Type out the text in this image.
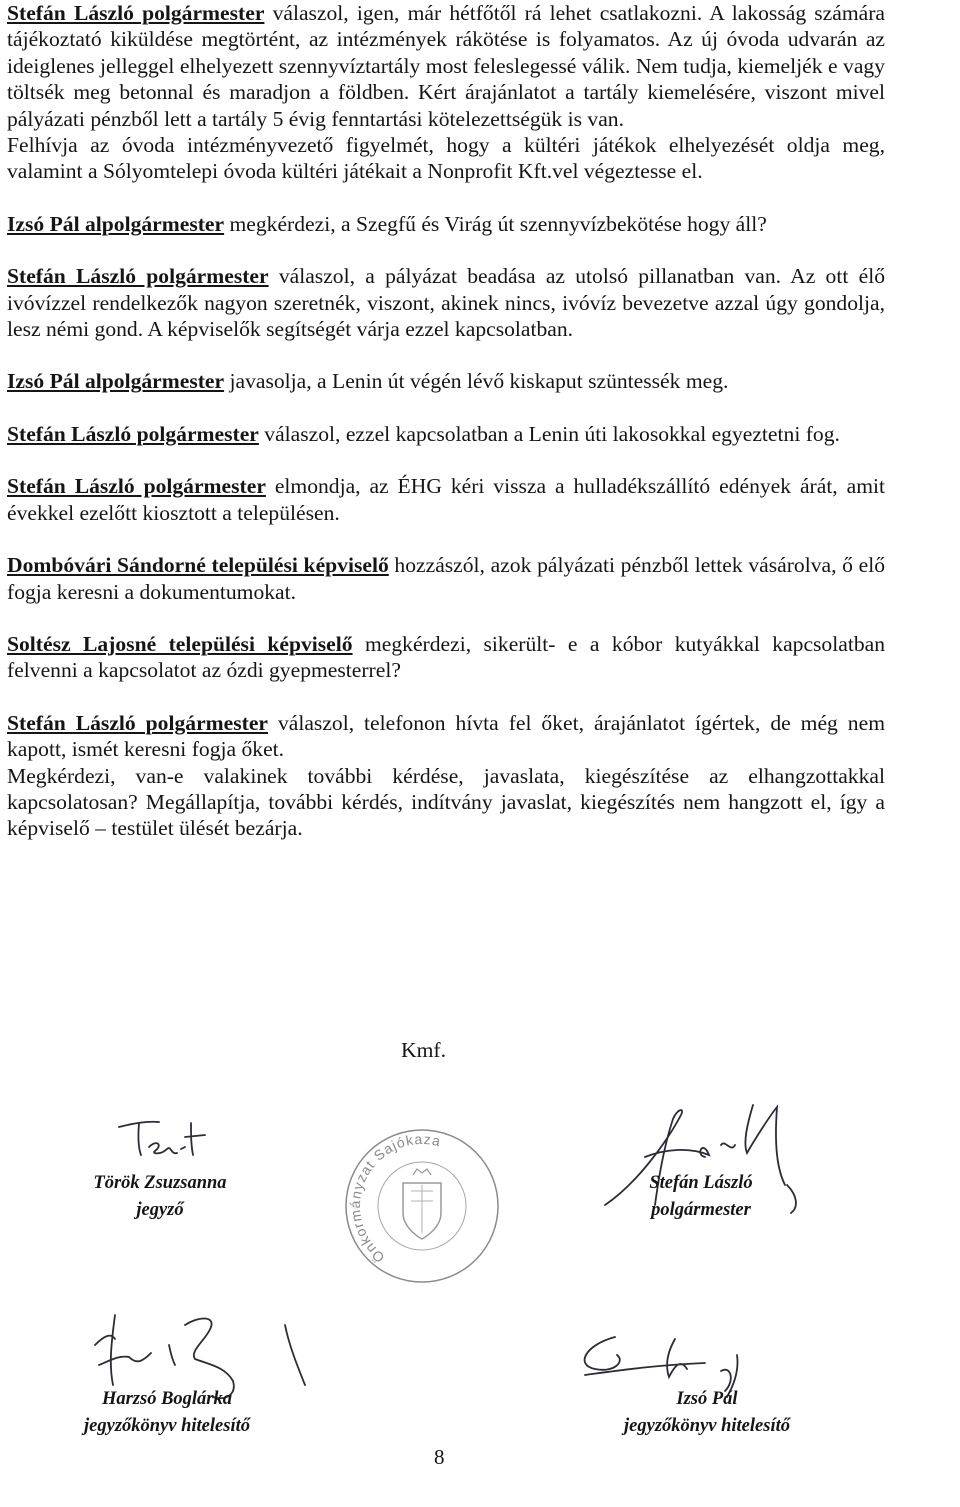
Stefán László polgármester válaszol, igen, már hétfőtől rá lehet csatlakozni. A lakosság számára tájékoztató kiküldése megtörtént, az intézmények rákötése is folyamatos. Az új óvoda udvarán az ideiglenes jelleggel elhelyezett szennyvíztartály most feleslegessé válik. Nem tudja, kiemeljék e vagy töltsék meg betonnal és maradjon a földben. Kért árajánlatot a tartály kiemelésére, viszont mivel pályázati pénzből lett a tartály 5 évig fenntartási kötelezettségük is van.

Felhívja az óvoda intézményvezető figyelmét, hogy a kültéri játékok elhelyezését oldja meg, valamint a Sólyomtelepi óvoda kültéri játékait a Nonprofit Kft.vel végeztesse el.

Izsó Pál alpolgármester megkérdezi, a Szegfű és Virág út szennyvízbekötése hogy áll?

Stefán László polgármester válaszol, a pályázat beadása az utolsó pillanatban van. Az ott élő ivóvízzel rendelkezők nagyon szeretnék, viszont, akinek nincs, ivóvíz bevezetve azzal úgy gondolja, lesz némi gond. A képviselők segítségét várja ezzel kapcsolatban.

Izsó Pál alpolgármester javasolja, a Lenin út végén lévő kiskaput szüntessék meg.

Stefán László polgármester válaszol, ezzel kapcsolatban a Lenin úti lakosokkal egyeztetni fog.

Stefán László polgármester elmondja, az ÉHG kéri vissza a hulladékszállító edények árát, amit évekkel ezelőtt kiosztott a településen.

Dombóvári Sándorné települési képviselő hozzászól, azok pályázati pénzből lettek vásárolva, ő elő fogja keresni a dokumentumokat.

Soltész Lajosné települési képviselő megkérdezi, sikerült- e a kóbor kutyákkal kapcsolatban felvenni a kapcsolatot az ózdi gyepmesterrel?

Stefán László polgármester válaszol, telefonon hívta fel őket, árajánlatot ígértek, de még nem kapott, ismét keresni fogja őket.

Megkérdezi, van-e valakinek további kérdése, javaslata, kiegészítése az elhangzottakkal kapcsolatosan? Megállapítja, további kérdés, indítvány javaslat, kiegészítés nem hangzott el, így a képviselő – testület ülését bezárja.

Kmf.
Török Zsuzsanna
jegyző
Önkormányzat Sajókaza
Stefán László
polgármester
Harzsó Boglárka
jegyzőkönyv hitelesítő
Izsó Pál
jegyzőkönyv hitelesítő
8
